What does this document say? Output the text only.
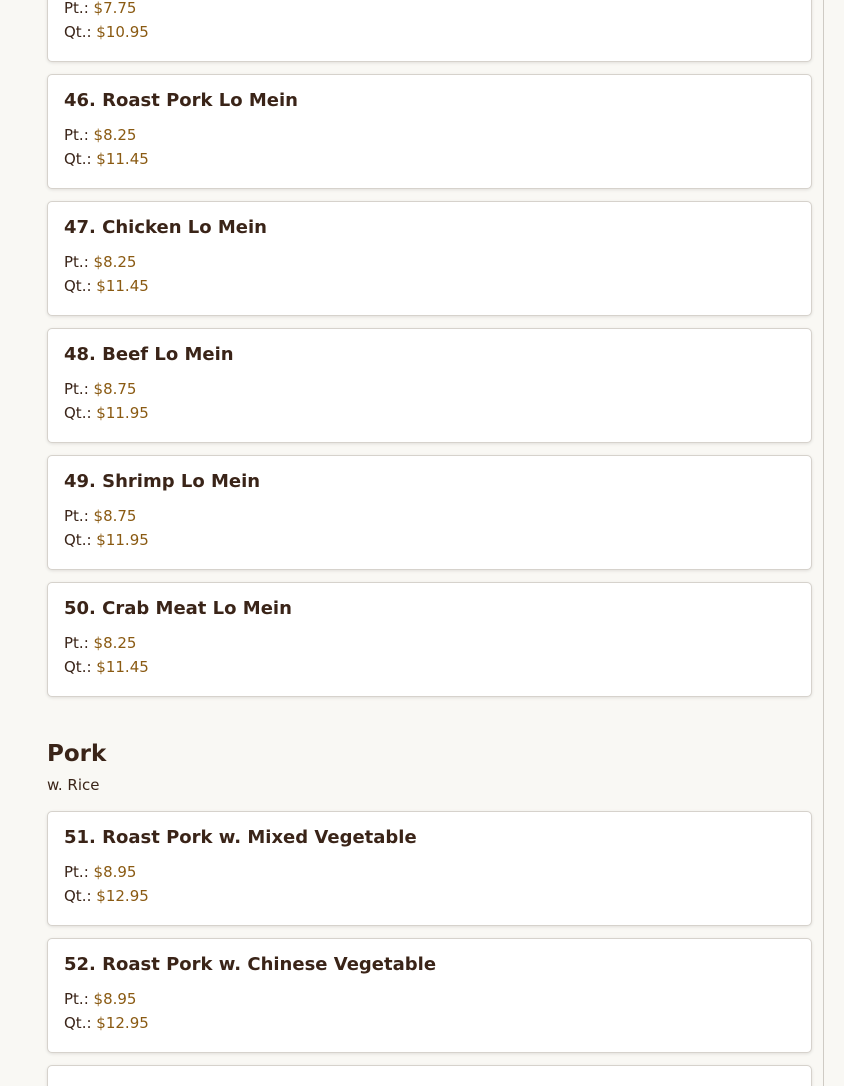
Pt.: $7.75
Qt.: $10.95
46. Roast Pork Lo Mein
Pt.: $8.25
Qt.: $11.45
47. Chicken Lo Mein
Pt.: $8.25
Qt.: $11.45
48. Beef Lo Mein
Pt.: $8.75
Qt.: $11.95
49. Shrimp Lo Mein
Pt.: $8.75
Qt.: $11.95
50. Crab Meat Lo Mein
Pt.: $8.25
Qt.: $11.45
Pork
w. Rice
51. Roast Pork w. Mixed Vegetable
Pt.: $8.95
Qt.: $12.95
52. Roast Pork w. Chinese Vegetable
Pt.: $8.95
Qt.: $12.95
